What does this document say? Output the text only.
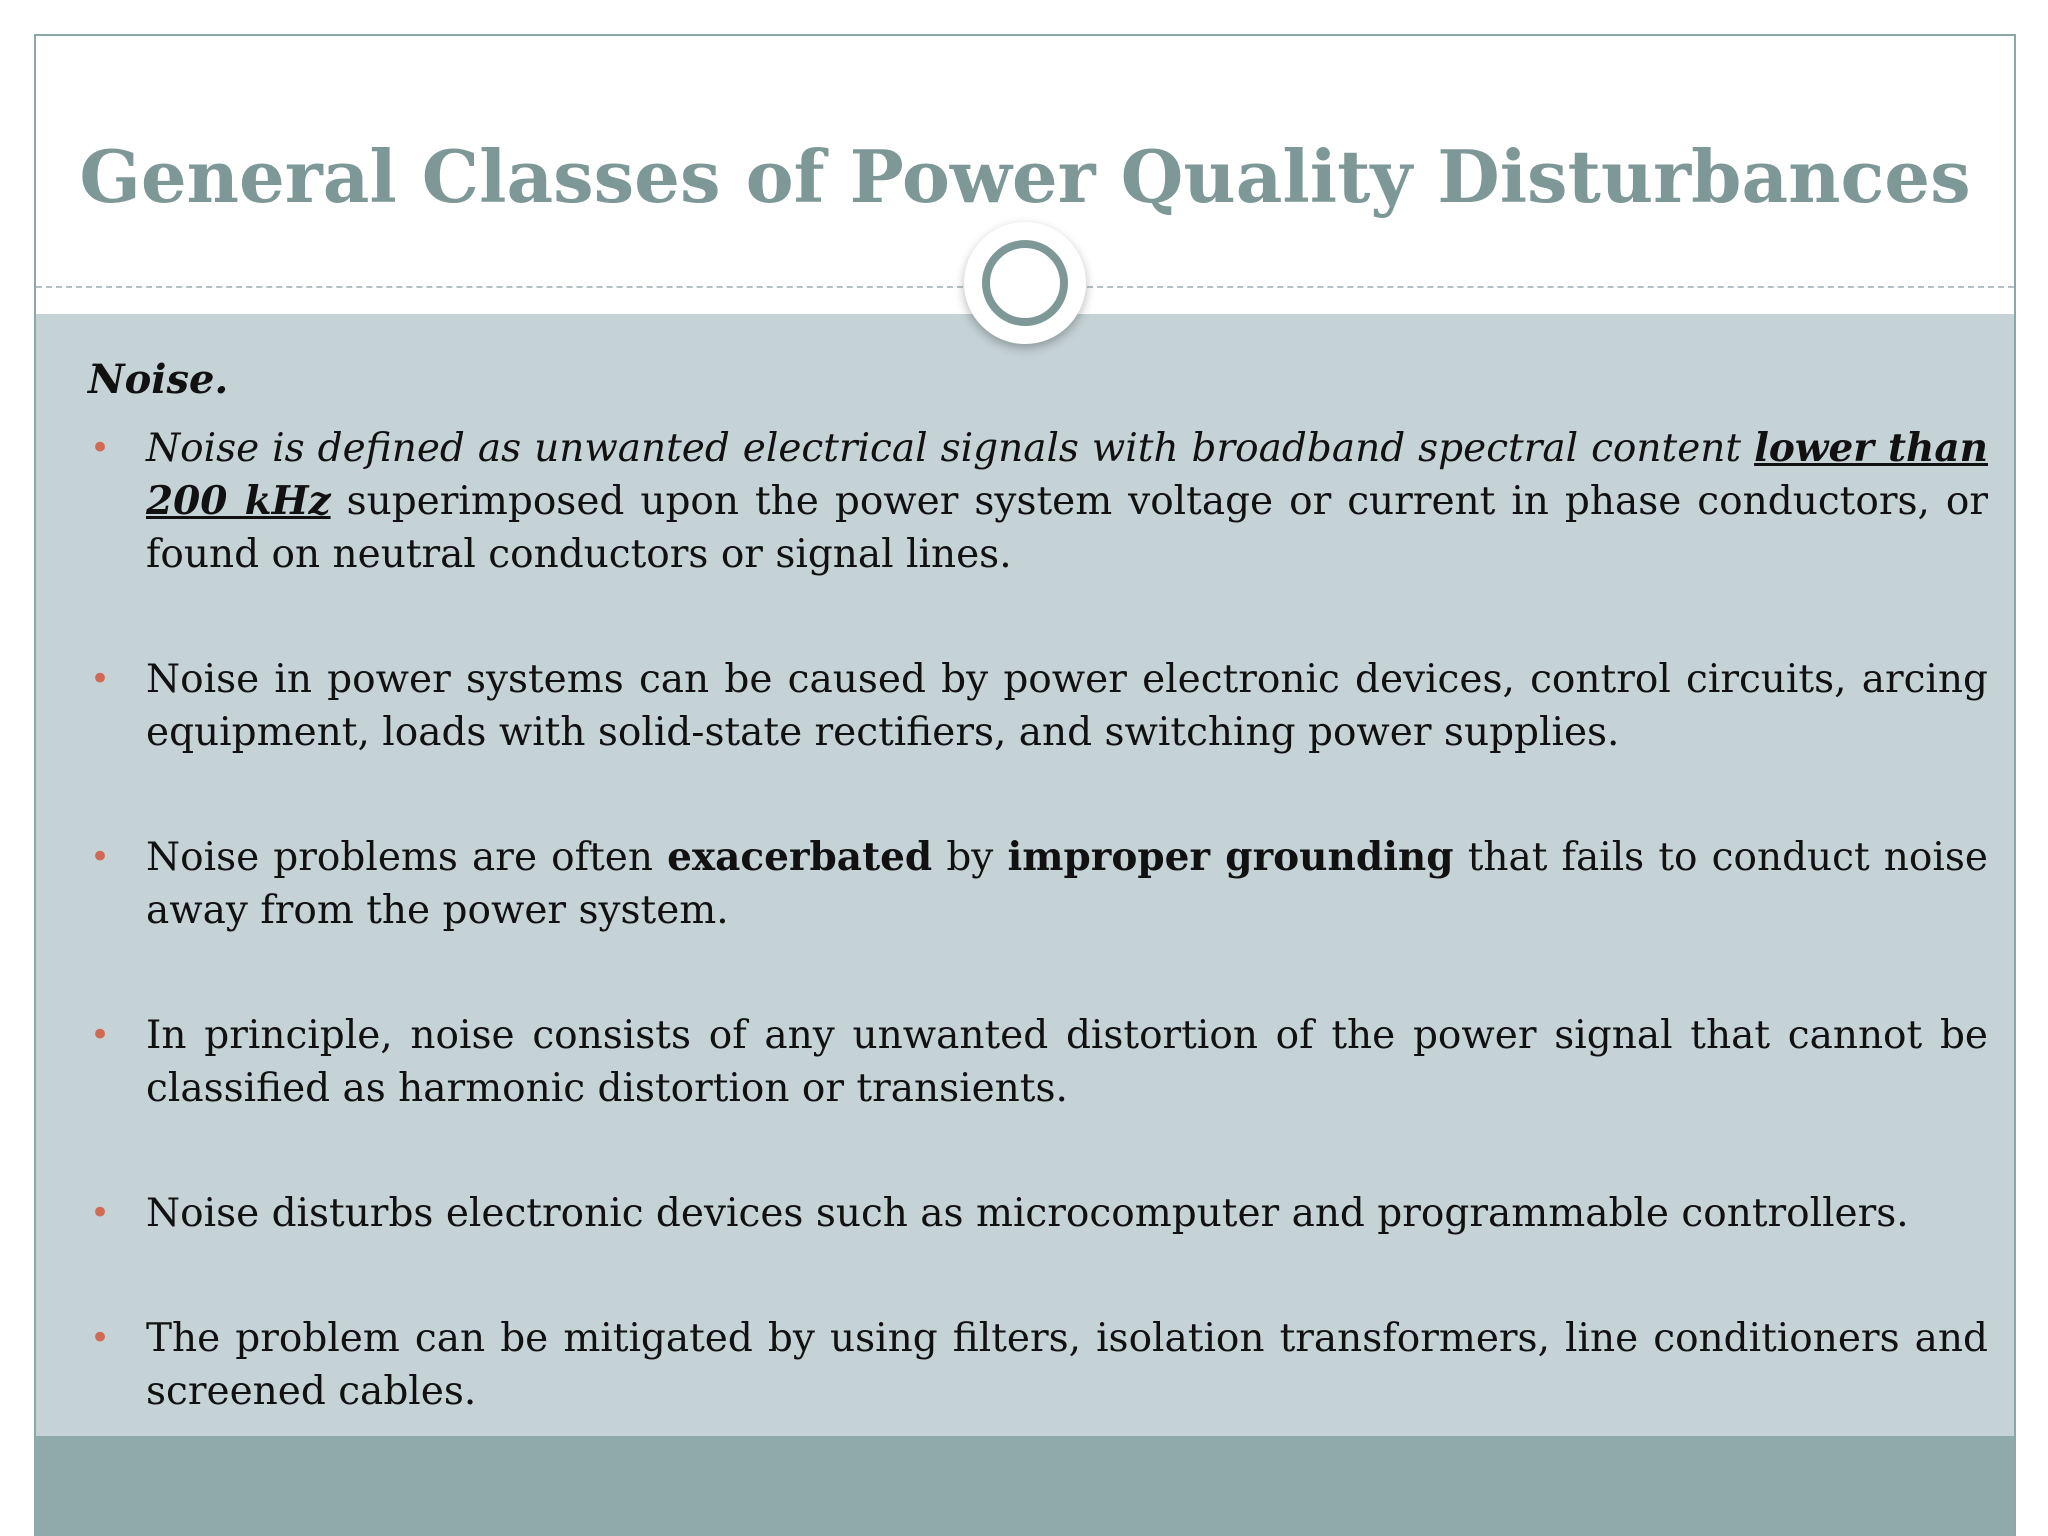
General Classes of Power Quality Disturbances

Noise.

• Noise is defined as unwanted electrical signals with broadband spectral content lower than 200 kHz superimposed upon the power system voltage or current in phase conductors, or found on neutral conductors or signal lines.
• Noise in power systems can be caused by power electronic devices, control circuits, arcing equipment, loads with solid-state rectifiers, and switching power supplies.
• Noise problems are often exacerbated by improper grounding that fails to conduct noise away from the power system.
• In principle, noise consists of any unwanted distortion of the power signal that cannot be classified as harmonic distortion or transients.
• Noise disturbs electronic devices such as microcomputer and programmable controllers.
• The problem can be mitigated by using filters, isolation transformers, line conditioners and screened cables.
